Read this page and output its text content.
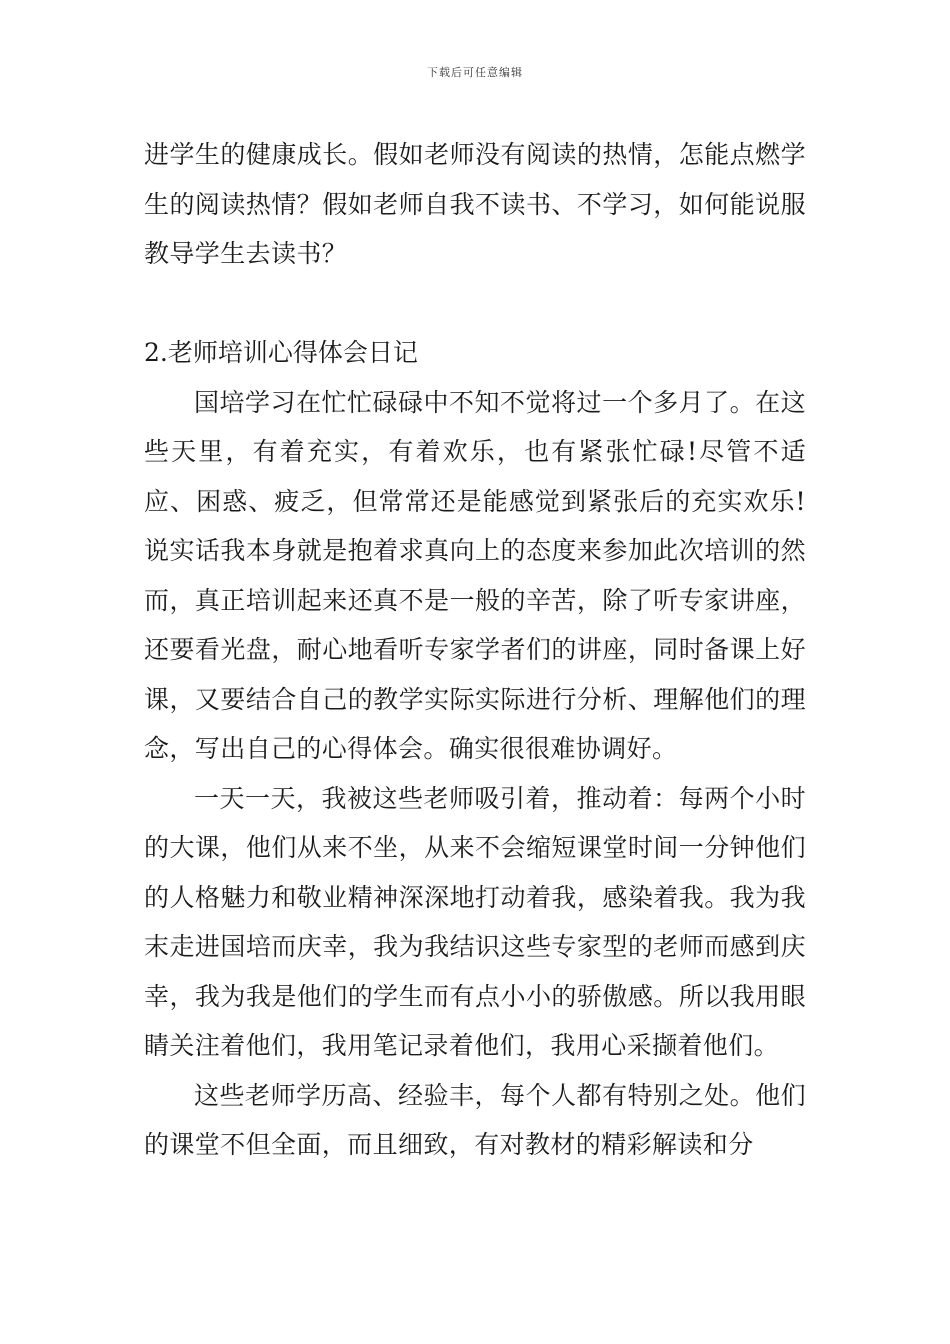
下载后可任意编辑

进学生的健康成长。假如老师没有阅读的热情，怎能点燃学生的阅读热情？假如老师自我不读书、不学习，如何能说服教导学生去读书？

2.老师培训心得体会日记

国培学习在忙忙碌碌中不知不觉将过一个多月了。在这些天里，有着充实，有着欢乐，也有紧张忙碌!尽管不适应、困惑、疲乏，但常常还是能感觉到紧张后的充实欢乐!说实话我本身就是抱着求真向上的态度来参加此次培训的然而，真正培训起来还真不是一般的辛苦，除了听专家讲座，还要看光盘，耐心地看听专家学者们的讲座，同时备课上好课，又要结合自己的教学实际实际进行分析、理解他们的理念，写出自己的心得体会。确实很很难协调好。

一天一天，我被这些老师吸引着，推动着：每两个小时的大课，他们从来不坐，从来不会缩短课堂时间一分钟他们的人格魅力和敬业精神深深地打动着我，感染着我。我为我末走进国培而庆幸，我为我结识这些专家型的老师而感到庆幸，我为我是他们的学生而有点小小的骄傲感。所以我用眼睛关注着他们，我用笔记录着他们，我用心采撷着他们。

这些老师学历高、经验丰，每个人都有特别之处。他们的课堂不但全面，而且细致，有对教材的精彩解读和分
